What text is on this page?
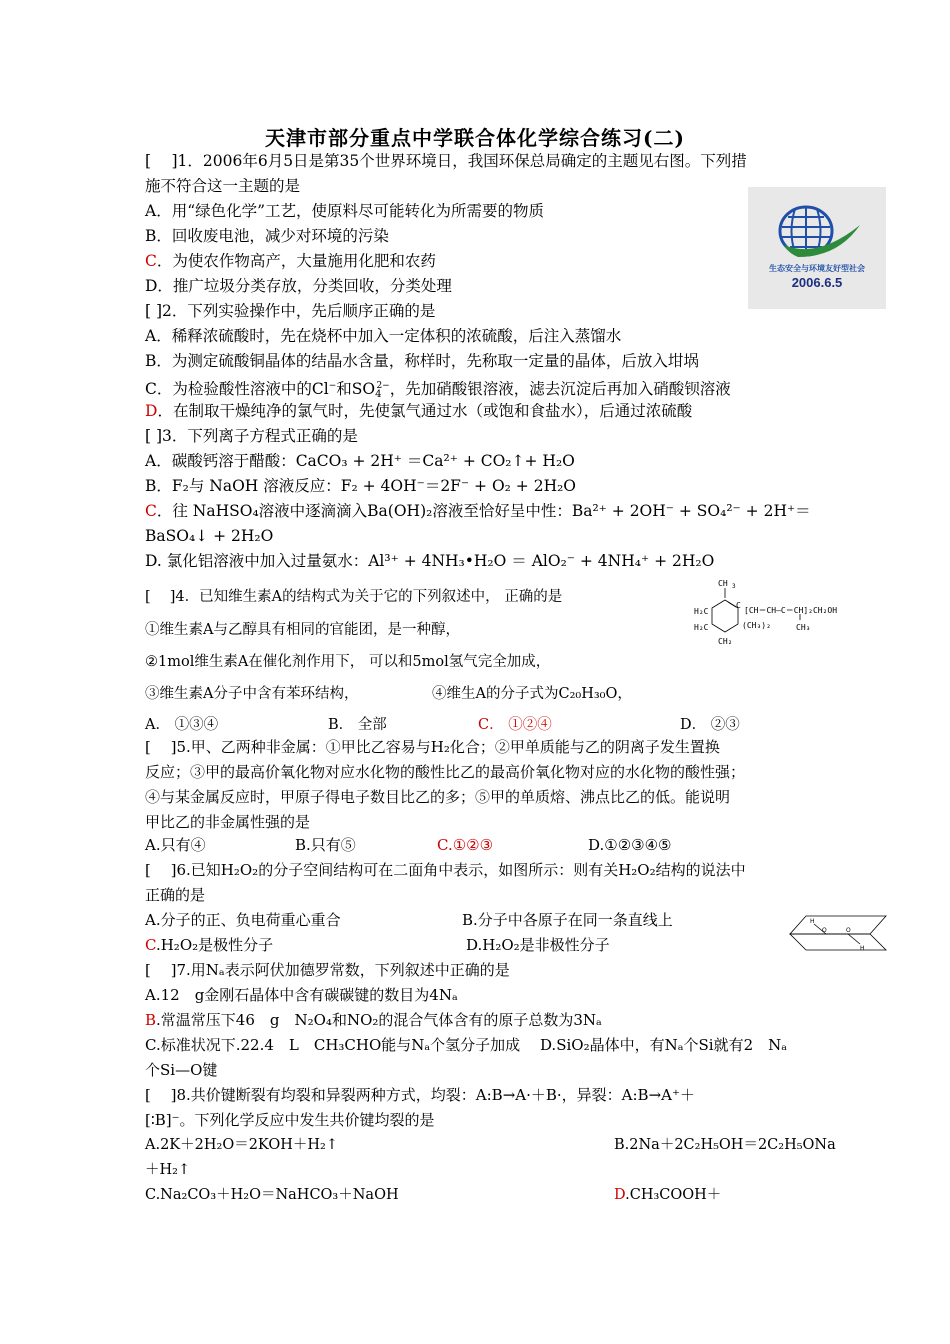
天津市部分重点中学联合体化学综合练习(二)
[　 ]1．2006年6月5日是第35个世界环境日，我国环保总局确定的主题见右图。下列措
施不符合这一主题的是
A．用“绿色化学”工艺，使原料尽可能转化为所需要的物质
B．回收废电池，减少对环境的污染
C．为使农作物高产，大量施用化肥和农药
D．推广垃圾分类存放，分类回收，分类处理
生态安全与环境友好型社会
2006.6.5
[ ]2．下列实验操作中，先后顺序正确的是
A．稀释浓硫酸时，先在烧杯中加入一定体积的浓硫酸，后注入蒸馏水
B．为测定硫酸铜晶体的结晶水含量，称样时，先称取一定量的晶体，后放入坩埚
C．为检验酸性溶液中的Cl−和$SO_4^{2-}$，先加硝酸银溶液，滤去沉淀后再加入硝酸钡溶液
D．在制取干燥纯净的氯气时，先使氯气通过水（或饱和食盐水），后通过浓硫酸
[ ]3．下列离子方程式正确的是
A．碳酸钙溶于醋酸：CaCO₃ + 2H⁺ ＝Ca²⁺ + CO₂↑+ H₂O
B．F₂与 NaOH 溶液反应：F₂ + 4OH⁻＝2F⁻ + O₂ + 2H₂O
C．往 NaHSO₄溶液中逐滴滴入Ba(OH)₂溶液至恰好呈中性：Ba²⁺ + 2OH⁻ + SO₄²⁻ + 2H⁺＝
BaSO₄↓ + 2H₂O
D. 氯化铝溶液中加入过量氨水：Al³⁺ + 4NH₃•H₂O ＝ AlO₂⁻ + 4NH₄⁺ + 2H₂O
[　 ]4．已知维生素A的结构式为关于它的下列叙述中， 正确的是
①维生素A与乙醇具有相同的官能团，是一种醇，
②1mol维生素A在催化剂作用下， 可以和5mol氢气完全加成，
③维生素A分子中含有苯环结构，	④维生A的分子式为C₂₀H₃₀O，
A． ①③④	B． 全部	C． ①②④	D． ②③
CH 3
H₂C
H₂C
CH₂
C
[CH＝CH—C＝CH]₂CH₂OH
(CH₃)₂	CH₃
[　 ]5.甲、乙两种非金属：①甲比乙容易与H₂化合；②甲单质能与乙的阴离子发生置换
反应；③甲的最高价氧化物对应水化物的酸性比乙的最高价氧化物对应的水化物的酸性强；
④与某金属反应时，甲原子得电子数目比乙的多；⑤甲的单质熔、沸点比乙的低。能说明
甲比乙的非金属性强的是
A.只有④	B.只有⑤	C.①②③	D.①②③④⑤
[　 ]6.已知H₂O₂的分子空间结构可在二面角中表示，如图所示：则有关H₂O₂结构的说法中
正确的是
A.分子的正、负电荷重心重合	B.分子中各原子在同一条直线上
C.H₂O₂是极性分子	D.H₂O₂是非极性分子
H
O	O
H
[　 ]7.用Nₐ表示阿伏加德罗常数，下列叙述中正确的是
A.12　g金刚石晶体中含有碳碳键的数目为4Nₐ
B.常温常压下46　g　N₂O₄和NO₂的混合气体含有的原子总数为3Nₐ
C.标准状况下.22.4　L　CH₃CHO能与Nₐ个氢分子加成　 D.SiO₂晶体中，有Nₐ个Si就有2　Nₐ
个Si—O键
[　 ]8.共价键断裂有均裂和异裂两种方式，均裂：A:B→A·＋B·，异裂：A:B→A⁺＋
[∶B]⁻。下列化学反应中发生共价键均裂的是
A.2K＋2H₂O＝2KOH＋H₂↑	B.2Na＋2C₂H₅OH＝2C₂H₅ONa
＋H₂↑
C.Na₂CO₃＋H₂O＝NaHCO₃＋NaOH	D.CH₃COOH＋
